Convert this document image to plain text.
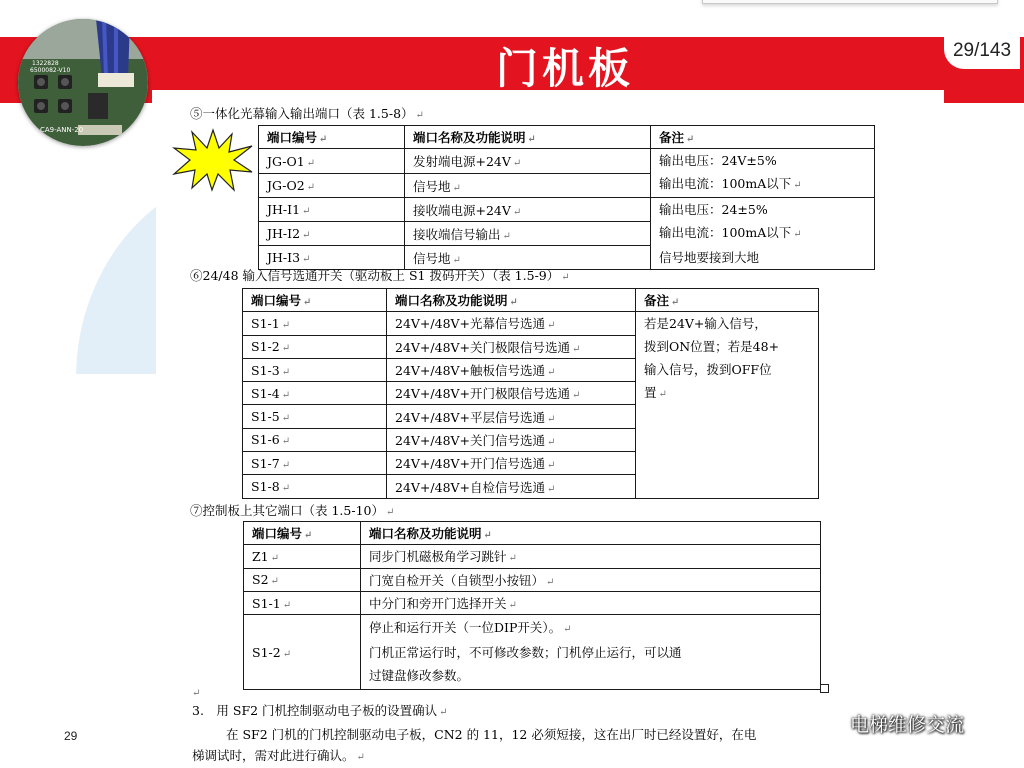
门机板	29/143
1322828
6500082-V10
CA9-ANN-20
⑤一体化光幕输入输出端口（表 1.5-8） ↵
端口编号 ↵	端口名称及功能说明 ↵	备注 ↵
JG-O1 ↵	发射端电源+24V ↵	输出电压：24V±5%
输出电流：100mA以下 ↵

JG-O2 ↵	信号地 ↵	
JH-I1 ↵	接收端电源+24V ↵	输出电压：24±5%
输出电流：100mA以下 ↵
信号地要接到大地

JH-I2 ↵	接收端信号输出 ↵	
JH-I3 ↵	信号地 ↵	
⑥24/48 输入信号选通开关（驱动板上 S1 拨码开关）（表 1.5-9） ↵
端口编号 ↵	端口名称及功能说明 ↵	备注 ↵
S1-1 ↵	24V+/48V+光幕信号选通 ↵	若是24V+输入信号，
拨到ON位置；若是48+
输入信号，拨到OFF位
置 ↵

S1-2 ↵	24V+/48V+关门极限信号选通 ↵	
S1-3 ↵	24V+/48V+触板信号选通 ↵	
S1-4 ↵	24V+/48V+开门极限信号选通 ↵	
S1-5 ↵	24V+/48V+平层信号选通 ↵	
S1-6 ↵	24V+/48V+关门信号选通 ↵	
S1-7 ↵	24V+/48V+开门信号选通 ↵	
S1-8 ↵	24V+/48V+自检信号选通 ↵	
⑦控制板上其它端口（表 1.5-10） ↵
端口编号 ↵	端口名称及功能说明 ↵
Z1 ↵	同步门机磁极角学习跳针 ↵
S2 ↵	门宽自检开关（自锁型小按钮） ↵
S1-1 ↵	中分门和旁开门选择开关 ↵
S1-2 ↵	停止和运行开关（一位DIP开关）。 ↵
门机正常运行时，不可修改参数；门机停止运行，可以通
过键盘修改参数。
↵
3.　用 SF2 门机控制驱动电子板的设置确认 ↵
在 SF2 门机的门机控制驱动电子板，CN2 的 11，12 必须短接，这在出厂时已经设置好，在电
梯调试时，需对此进行确认。 ↵
29	电梯维修交流
